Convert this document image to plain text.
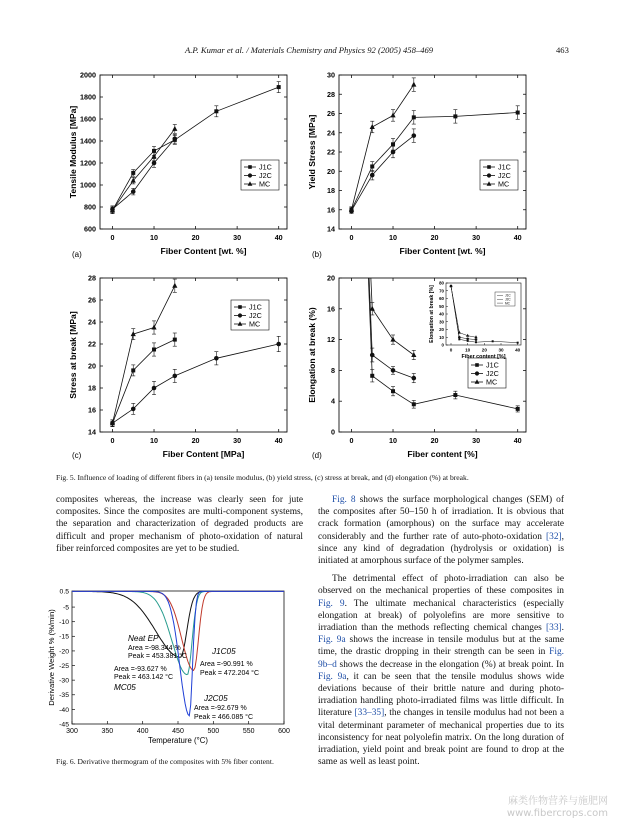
A.P. Kumar et al. / Materials Chemistry and Physics 92 (2005) 458–469	463
0	10	20	30	40
600
800
1000
1200
1400
1600
1800
2000
Fiber Content [wt. %]
Tensile Modulus [MPa]
(a)
J1C
J2C
MC
0	10	20	30	40
14
16
18
20
22
24
26
28
30
Fiber Content [wt. %]
Yield Stress [MPa]
(b)
J1C
J2C
MC
0	10	20	30	40
14
16
18
20
22
24
26
28
Fiber Content [MPa]
Stress at break [MPa]
(c)
J1C
J2C
MC
0	10	20	30	40
0
4
8
12
16
20
Fiber content [%]
Elongation at break (%)
(d)
J1C
J2C
MC
0	10	20	30	40
0
10
20
30
40
50
60
70
80
Fiber content [%]
Elongation at break [%]	J1C
J2C
MC
Fig. 5. Influence of loading of different fibers in (a) tensile modulus, (b) yield stress, (c) stress at break, and (d) elongation (%) at break.

composites whereas, the increase was clearly seen for jute composites. Since the composites are multi-component systems, the separation and characterization of degraded products are difficult and proper mechanism of photo-oxidation of natural fiber reinforced composites are yet to be studied.

300	350	400	450	500	550	600
0.5
-5
-10
-15
-20
-25
-30
-35
-40
-45
Temperature (°C)
Derivative Weight % (%/min)	Neat EP
Area =-98.344 %
Peak = 453.381 °C
Area =-93.627 %
Peak = 463.142 °C
MC05
J1C05
Area =-90.991 %
Peak = 472.204 °C
J2C05
Area =-92.679 %
Peak = 466.085 °C
Fig. 6. Derivative thermogram of the composites with 5% fiber content.

Fig. 8 shows the surface morphological changes (SEM) of the composites after 50–150 h of irradiation. It is obvious that crack formation (amorphous) on the surface may accelerate considerably and the further rate of auto-photo-oxidation [32], since any kind of degradation (hydrolysis or oxidation) is initiated at amorphous surface of the polymer samples.

The detrimental effect of photo-irradiation can also be observed on the mechanical properties of these composites in Fig. 9. The ultimate mechanical characteristics (especially elongation at break) of polyolefins are more sensitive to irradiation than the methods reflecting chemical changes [33]. Fig. 9a shows the increase in tensile modulus but at the same time, the drastic dropping in their strength can be seen in Fig. 9b–d shows the decrease in the elongation (%) at break point. In Fig. 9a, it can be seen that the tensile modulus shows wide deviations because of their brittle nature and during photo-irradiation handling photo-irradiated films was little difficult. In literature [33–35], the changes in tensile modulus had not been a vital determinant parameter of mechanical properties due to its inconsistency for neat polyolefin matrix. On the long duration of irradiation, yield point and break point are found to drop at the same as well as least point.

麻类作物营养与施肥网
www.fibercrops.com
